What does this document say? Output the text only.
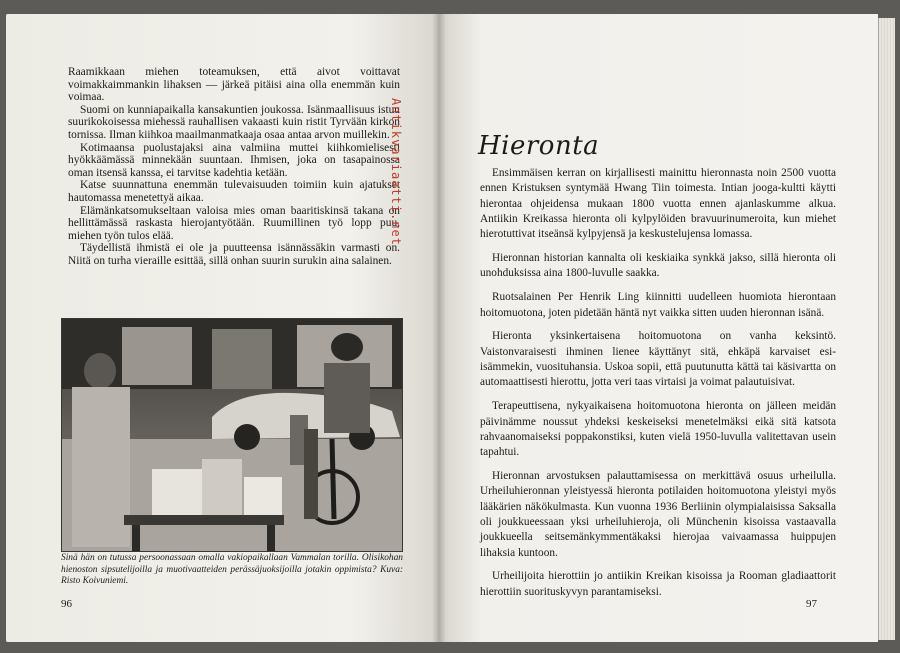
Raamikkaan miehen toteamuksen, että aivot voittavat voimakkaimmankin lihaksen — järkeä pitäisi aina olla enemmän kuin voimaa.

Suomi on kunniapaikalla kansakuntien joukossa. Isänmaallisuus istuu suurikokoisessa miehessä rauhallisen vakaasti kuin ristit Tyrvään kirkon tornissa. Ilman kiihkoa maailmanmatkaaja osaa antaa arvon muillekin.

Kotimaansa puolustajaksi aina valmiina muttei kiihkomielisesti hyökkäämässä minnekään suuntaan. Ihmisen, joka on tasapainossa oman itsensä kanssa, ei tarvitse kadehtia ketään.

Katse suunnattuna enemmän tulevaisuuden toimiin kuin ajatukset hautomassa menetettyä aikaa.

Elämänkatsomukseltaan valoisa mies oman baaritiskinsä takana on hellittämässä raskasta hierojantyötään. Ruumillinen työ lopp puu, miehen työn tulos elää.

Täydellistä ihmistä ei ole ja puutteensa isännässäkin varmasti on. Niitä on turha vieraille esittää, sillä onhan suurin surukin aina salainen.

Sinä hän on tutussa persoonassaan omalla vakiopaikallaan Vammalan torilla. Olisikohan hienoston sipsutelijoilla ja muotivaatteiden perässäjuoksijoilla jotakin oppimista? Kuva: Risto Koivuniemi.
96
Antikvariaatti.net	Hieronta

Ensimmäisen kerran on kirjallisesti mainittu hieronnasta noin 2500 vuotta ennen Kristuksen syntymää Hwang Tiin toimesta. Intian jooga-kultti käytti hierontaa ohjeidensa mukaan 1800 vuotta ennen ajanlaskumme alkua. Antiikin Kreikassa hieronta oli kylpylöiden bravuurinumeroita, kun miehet hierotuttivat itseänsä kylpyjensä ja keskustelujensa lomassa.

Hieronnan historian kannalta oli keskiaika synkkä jakso, sillä hieronta oli unohduksissa aina 1800-luvulle saakka.

Ruotsalainen Per Henrik Ling kiinnitti uudelleen huomiota hierontaan hoitomuotona, joten pidetään häntä nyt vaikka sitten uuden hieronnan isänä.

Hieronta yksinkertaisena hoitomuotona on vanha keksintö. Vaistonvaraisesti ihminen lienee käyttänyt sitä, ehkäpä karvaiset esi-isämmekin, vuosituhansia. Uskoa sopii, että puutunutta kättä tai käsivartta on automaattisesti hierottu, jotta veri taas virtaisi ja voimat palautuisivat.

Terapeuttisena, nykyaikaisena hoitomuotona hieronta on jälleen meidän päivinämme noussut yhdeksi keskeiseksi menetelmäksi eikä sitä katsota rahvaanomaiseksi poppakonstiksi, kuten vielä 1950-luvulla valitettavan usein tapahtui.

Hieronnan arvostuksen palauttamisessa on merkittävä osuus urheilulla. Urheiluhieronnan yleistyessä hieronta potilaiden hoitomuotona yleistyi myös lääkärien näkökulmasta. Kun vuonna 1936 Berliinin olympialaisissa Saksalla oli joukkueessaan yksi urheiluhieroja, oli Münchenin kisoissa vastaavalla joukkueella seitsemänkymmentäkaksi hierojaa vaivaamassa huippujen lihaksia kuntoon.

Urheilijoita hierottiin jo antiikin Kreikan kisoissa ja Rooman gladiaattorit hierottiin suorituskyvyn parantamiseksi.

97
